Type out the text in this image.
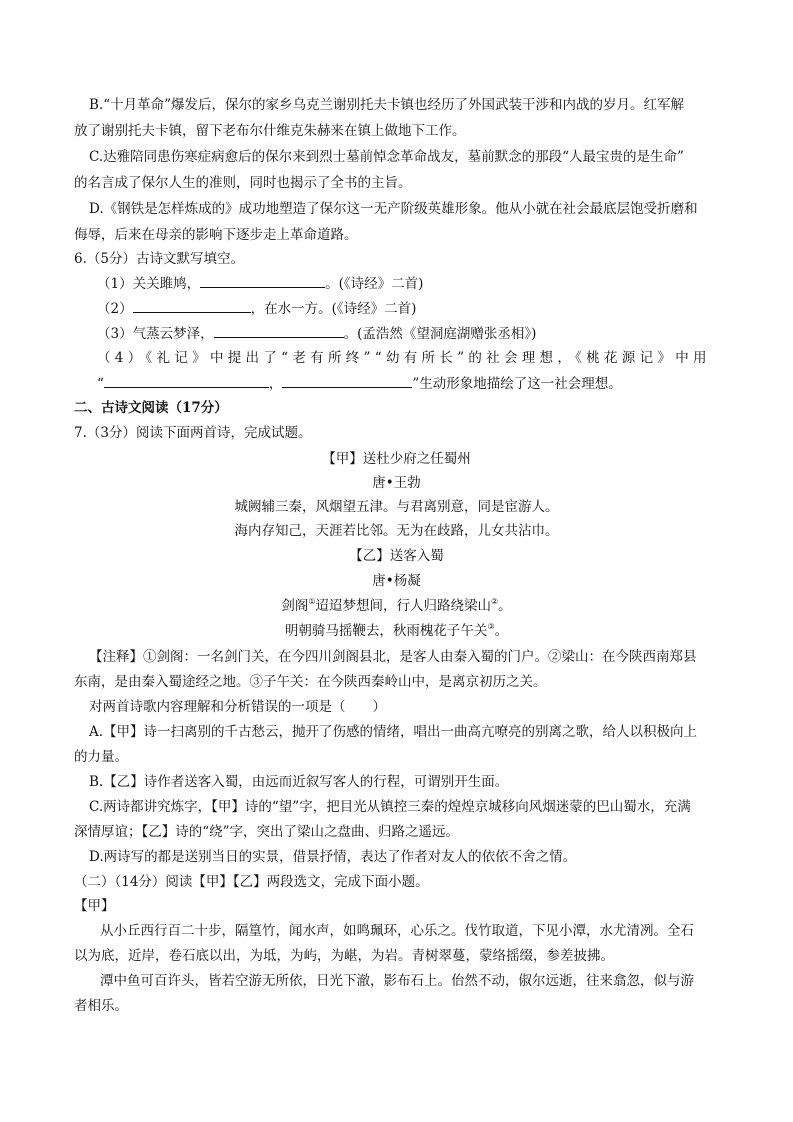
B.“十月革命”爆发后，保尔的家乡乌克兰谢别托夫卡镇也经历了外国武装干涉和内战的岁月。红军解
放了谢别托夫卡镇，留下老布尔什维克朱赫来在镇上做地下工作。
C.达雅陪同患伤寒症病愈后的保尔来到烈士墓前悼念革命战友，墓前默念的那段“人最宝贵的是生命”
的名言成了保尔人生的准则，同时也揭示了全书的主旨。
D.《钢铁是怎样炼成的》成功地塑造了保尔这一无产阶级英雄形象。他从小就在社会最底层饱受折磨和
侮辱，后来在母亲的影响下逐步走上革命道路。
6.（5分）古诗文默写填空。
（1）关关雎鸠，	。(《诗经》二首)
（2）	，在水一方。(《诗经》二首)
（3）气蒸云梦泽，	。(孟浩然《望洞庭湖赠张丞相》)
（4）《礼记》中提出了“老有所终”“幼有所长”的社会理想，《桃花源记》中用
“	，	”生动形象地描绘了这一社会理想。
二、古诗文阅读（17分）
7.（3分）阅读下面两首诗，完成试题。
【甲】送杜少府之任蜀州
唐•王勃
城阙辅三秦，风烟望五津。与君离别意，同是宦游人。
海内存知己，天涯若比邻。无为在歧路，儿女共沾巾。
【乙】送客入蜀
唐•杨凝
剑阁①迢迢梦想间，行人归路绕梁山②。
明朝骑马摇鞭去，秋雨槐花子午关③。
【注释】①剑阁：一名剑门关，在今四川剑阁县北，是客人由秦入蜀的门户。②梁山：在今陕西南郑县
东南，是由秦入蜀途经之地。③子午关：在今陕西秦岭山中，是离京初历之关。
对两首诗歌内容理解和分析错误的一项是（　　）
A.【甲】诗一扫离别的千古愁云，抛开了伤感的情绪，唱出一曲高亢嘹亮的别离之歌，给人以积极向上
的力量。
B.【乙】诗作者送客入蜀，由远而近叙写客人的行程，可谓别开生面。
C.两诗都讲究炼字，【甲】诗的“望”字，把目光从镇控三秦的煌煌京城移向风烟迷蒙的巴山蜀水，充满
深情厚谊；【乙】诗的“绕”字，突出了梁山之盘曲、归路之遥远。
D.两诗写的都是送别当日的实景，借景抒情，表达了作者对友人的依依不舍之情。
（二）（14分）阅读【甲】【乙】两段选文，完成下面小题。
【甲】
从小丘西行百二十步，隔篁竹，闻水声，如鸣珮环，心乐之。伐竹取道，下见小潭，水尤清冽。全石
以为底，近岸，卷石底以出，为坻，为屿，为嵁，为岩。青树翠蔓，蒙络摇缀，参差披拂。
潭中鱼可百许头，皆若空游无所依，日光下澈，影布石上。佁然不动，俶尔远逝，往来翕忽，似与游
者相乐。
